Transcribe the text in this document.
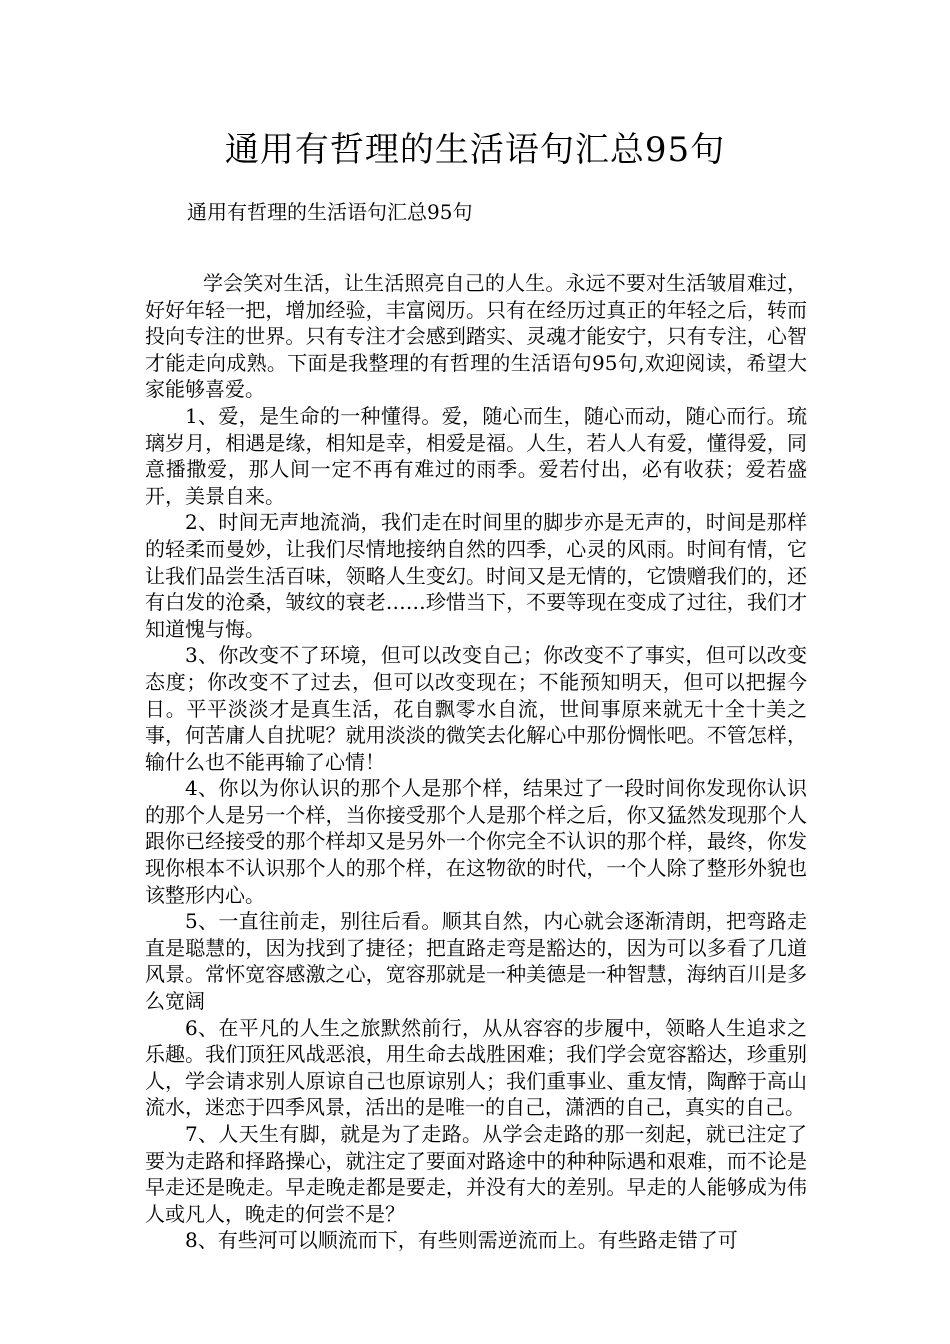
通用有哲理的生活语句汇总95句

通用有哲理的生活语句汇总95句

学会笑对生活，让生活照亮自己的人生。永远不要对生活皱眉难过，好好年轻一把，增加经验，丰富阅历。只有在经历过真正的年轻之后，转而投向专注的世界。只有专注才会感到踏实、灵魂才能安宁，只有专注，心智才能走向成熟。下面是我整理的有哲理的生活语句95句,欢迎阅读，希望大家能够喜爱。

1、爱，是生命的一种懂得。爱，随心而生，随心而动，随心而行。琉璃岁月，相遇是缘，相知是幸，相爱是福。人生，若人人有爱，懂得爱，同意播撒爱，那人间一定不再有难过的雨季。爱若付出，必有收获；爱若盛开，美景自来。

2、时间无声地流淌，我们走在时间里的脚步亦是无声的，时间是那样的轻柔而曼妙，让我们尽情地接纳自然的四季，心灵的风雨。时间有情，它让我们品尝生活百味，领略人生变幻。时间又是无情的，它馈赠我们的，还有白发的沧桑，皱纹的衰老……珍惜当下，不要等现在变成了过往，我们才知道愧与悔。

3、你改变不了环境，但可以改变自己；你改变不了事实，但可以改变态度；你改变不了过去，但可以改变现在；不能预知明天，但可以把握今日。平平淡淡才是真生活，花自飘零水自流，世间事原来就无十全十美之事，何苦庸人自扰呢？就用淡淡的微笑去化解心中那份惆怅吧。不管怎样，输什么也不能再输了心情！

4、你以为你认识的那个人是那个样，结果过了一段时间你发现你认识的那个人是另一个样，当你接受那个人是那个样之后，你又猛然发现那个人跟你已经接受的那个样却又是另外一个你完全不认识的那个样，最终，你发现你根本不认识那个人的那个样，在这物欲的时代，一个人除了整形外貌也该整形内心。

5、一直往前走，别往后看。顺其自然，内心就会逐渐清朗，把弯路走直是聪慧的，因为找到了捷径；把直路走弯是豁达的，因为可以多看了几道风景。常怀宽容感激之心，宽容那就是一种美德是一种智慧，海纳百川是多么宽阔

6、在平凡的人生之旅默然前行，从从容容的步履中，领略人生追求之乐趣。我们顶狂风战恶浪，用生命去战胜困难；我们学会宽容豁达，珍重别人，学会请求别人原谅自己也原谅别人；我们重事业、重友情，陶醉于高山流水，迷恋于四季风景，活出的是唯一的自己，潇洒的自己，真实的自己。

7、人天生有脚，就是为了走路。从学会走路的那一刻起，就已注定了要为走路和择路操心，就注定了要面对路途中的种种际遇和艰难，而不论是早走还是晚走。早走晚走都是要走，并没有大的差别。早走的人能够成为伟人或凡人，晚走的何尝不是？

8、有些河可以顺流而下，有些则需逆流而上。有些路走错了可
